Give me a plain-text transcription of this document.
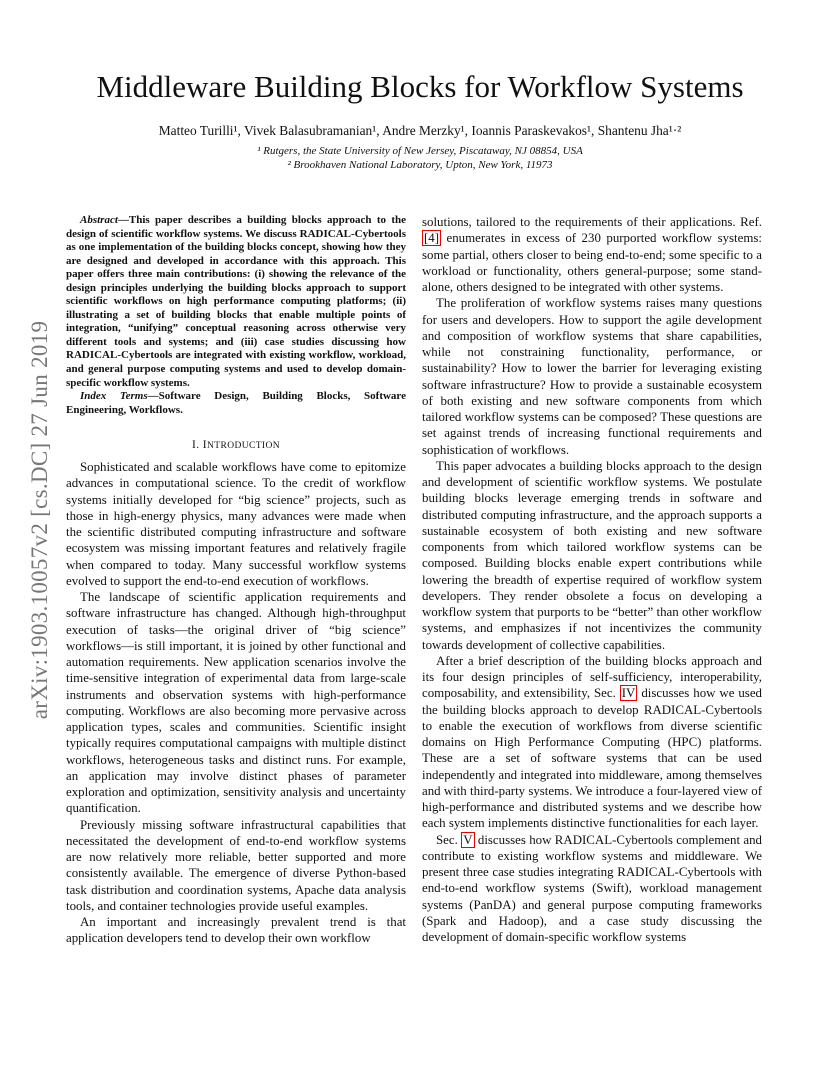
arXiv:1903.10057v2 [cs.DC] 27 Jun 2019
Middleware Building Blocks for Workflow Systems
Matteo Turilli¹, Vivek Balasubramanian¹, Andre Merzky¹, Ioannis Paraskevakos¹, Shantenu Jha¹·²
¹ Rutgers, the State University of New Jersey, Piscataway, NJ 08854, USA
² Brookhaven National Laboratory, Upton, New York, 11973

Abstract—This paper describes a building blocks approach to the design of scientific workflow systems. We discuss RADICAL-Cybertools as one implementation of the building blocks concept, showing how they are designed and developed in accordance with this approach. This paper offers three main contributions: (i) showing the relevance of the design principles underlying the building blocks approach to support scientific workflows on high performance computing platforms; (ii) illustrating a set of building blocks that enable multiple points of integration, “unifying” conceptual reasoning across otherwise very different tools and systems; and (iii) case studies discussing how RADICAL-Cybertools are integrated with existing workflow, workload, and general purpose computing systems and used to develop domain-specific workflow systems.

Index Terms—Software Design, Building Blocks, Software Engineering, Workflows.

I. INTRODUCTION

Sophisticated and scalable workflows have come to epitomize advances in computational science. To the credit of workflow systems initially developed for “big science” projects, such as those in high-energy physics, many advances were made when the scientific distributed computing infrastructure and software ecosystem was missing important features and relatively fragile when compared to today. Many successful workflow systems evolved to support the end-to-end execution of workflows.

The landscape of scientific application requirements and software infrastructure has changed. Although high-throughput execution of tasks—the original driver of “big science” workflows—is still important, it is joined by other functional and automation requirements. New application scenarios involve the time-sensitive integration of experimental data from large-scale instruments and observation systems with high-performance computing. Workflows are also becoming more pervasive across application types, scales and communities. Scientific insight typically requires computational campaigns with multiple distinct workflows, heterogeneous tasks and distinct runs. For example, an application may involve distinct phases of parameter exploration and optimization, sensitivity analysis and uncertainty quantification.

Previously missing software infrastructural capabilities that necessitated the development of end-to-end workflow systems are now relatively more reliable, better supported and more consistently available. The emergence of diverse Python-based task distribution and coordination systems, Apache data analysis tools, and container technologies provide useful examples.

An important and increasingly prevalent trend is that application developers tend to develop their own workflow

solutions, tailored to the requirements of their applications. Ref. [4] enumerates in excess of 230 purported workflow systems: some partial, others closer to being end-to-end; some specific to a workload or functionality, others general-purpose; some stand-alone, others designed to be integrated with other systems.

The proliferation of workflow systems raises many questions for users and developers. How to support the agile development and composition of workflow systems that share capabilities, while not constraining functionality, performance, or sustainability? How to lower the barrier for leveraging existing software infrastructure? How to provide a sustainable ecosystem of both existing and new software components from which tailored workflow systems can be composed? These questions are set against trends of increasing functional requirements and sophistication of workflows.

This paper advocates a building blocks approach to the design and development of scientific workflow systems. We postulate building blocks leverage emerging trends in software and distributed computing infrastructure, and the approach supports a sustainable ecosystem of both existing and new software components from which tailored workflow systems can be composed. Building blocks enable expert contributions while lowering the breadth of expertise required of workflow system developers. They render obsolete a focus on developing a workflow system that purports to be “better” than other workflow systems, and emphasizes if not incentivizes the community towards development of collective capabilities.

After a brief description of the building blocks approach and its four design principles of self-sufficiency, interoperability, composability, and extensibility, Sec. IV discusses how we used the building blocks approach to develop RADICAL-Cybertools to enable the execution of workflows from diverse scientific domains on High Performance Computing (HPC) platforms. These are a set of software systems that can be used independently and integrated into middleware, among themselves and with third-party systems. We introduce a four-layered view of high-performance and distributed systems and we describe how each system implements distinctive functionalities for each layer.

Sec. V discusses how RADICAL-Cybertools complement and contribute to existing workflow systems and middleware. We present three case studies integrating RADICAL-Cybertools with end-to-end workflow systems (Swift), workload management systems (PanDA) and general purpose computing frameworks (Spark and Hadoop), and a case study discussing the development of domain-specific workflow systems
